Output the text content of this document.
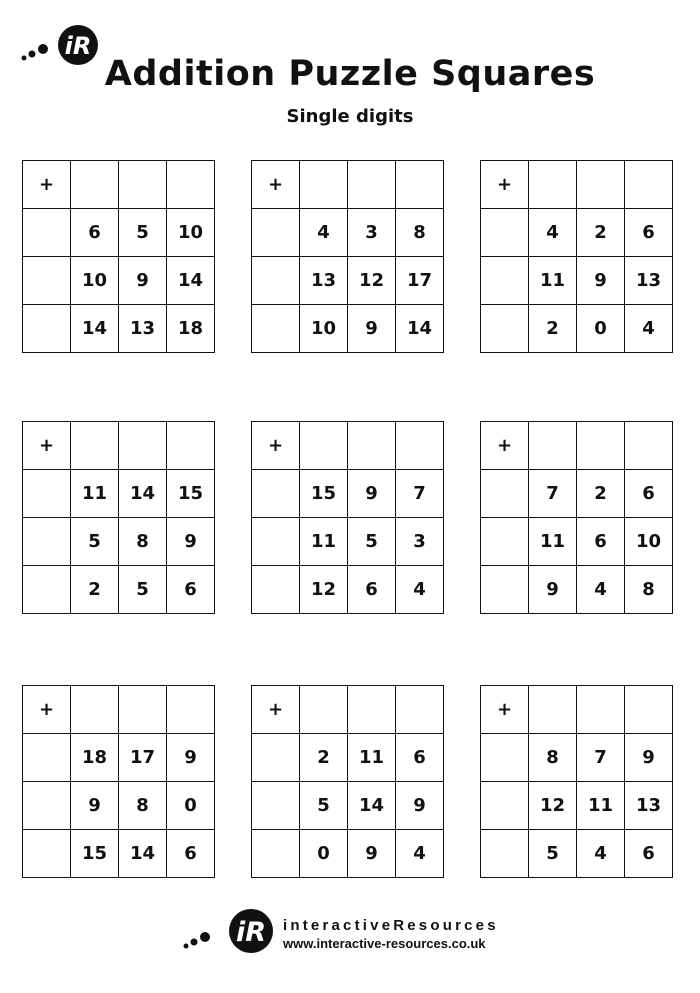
iR
Addition Puzzle Squares
Single digits
+
6	5	10
10	9	14
14	13	18
+
4	3	8
13	12	17
10	9	14
+
4	2	6
11	9	13
2	0	4
+
11	14	15
5	8	9
2	5	6
+
15	9	7
11	5	3
12	6	4
+
7	2	6
11	6	10
9	4	8
+
18	17	9
9	8	0
15	14	6
+
2	11	6
5	14	9
0	9	4
+
8	7	9
12	11	13
5	4	6
iR interactiveResources

www.interactive-resources.co.uk
